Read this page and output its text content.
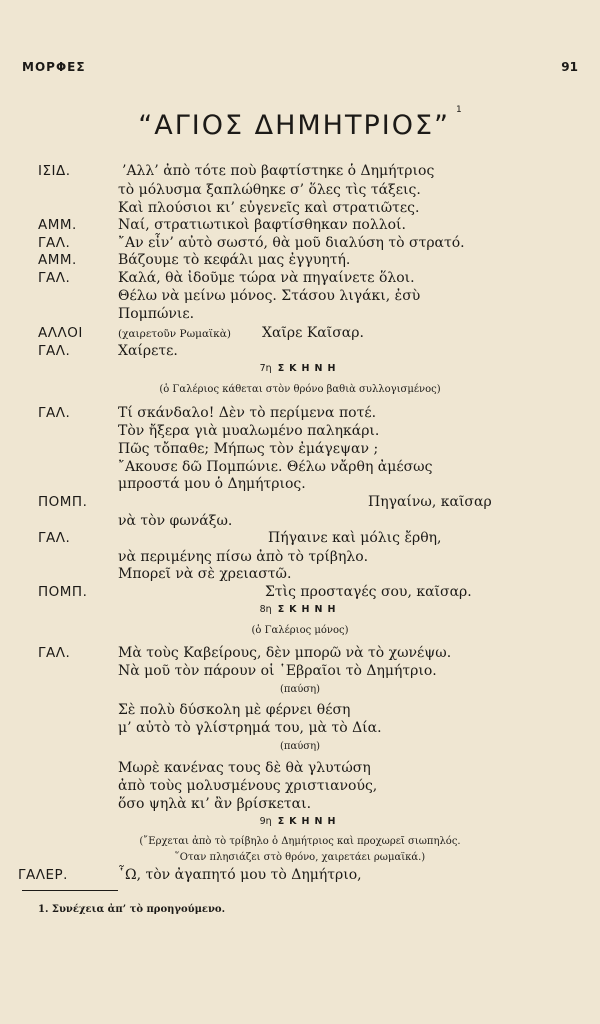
ΜΟΡΦΕΣ	91
“ΑΓΙΟΣ ΔΗΜΗΤΡΙΟΣ” $^1$
ΙΣΙΔ.	’Αλλ’ ἀπὸ τότε ποὺ βαφτίστηκε ὁ Δημήτριος
τὸ μόλυσμα ξαπλώθηκε σ’ ὅλες τὶς τάξεις.
Καὶ πλούσιοι κι’ εὐγενεῖς καὶ στρατιῶτες.
ΑΜΜ.	Ναί, στρατιωτικοὶ βαφτίσθηκαν πολλοί.
ΓΑΛ.	῎Αν εἶν’ αὐτὸ σωστό, θὰ μοῦ διαλύση τὸ στρατό.
ΑΜΜ.	Βάζουμε τὸ κεφάλι μας ἐγγυητή.
ΓΑΛ.	Καλά, θὰ ἰδοῦμε τώρα νὰ πηγαίνετε ὅλοι.
Θέλω νὰ μείνω μόνος. Στάσου λιγάκι, ἐσὺ
Πομπώνιε.
ΑΛΛΟΙ	(χαιρετοῦν Ρωμαϊκὰ) Χαῖρε Καῖσαρ.
ΓΑΛ.	Χαίρετε.
7η ΣΚΗΝΗ
(ὁ Γαλέριος κάθεται στὸν θρόνο βαθιὰ συλλογισμένος)
ΓΑΛ.	Τί σκάνδαλο! Δὲν τὸ περίμενα ποτέ.
Τὸν ἤξερα γιὰ μυαλωμένο παληκάρι.
Πῶς τὄπαθε; Μήπως τὸν ἐμάγεψαν ;
῎Ακουσε δῶ Πομπώνιε. Θέλω νἄρθη ἀμέσως
μπροστά μου ὁ Δημήτριος.
ΠΟΜΠ.	Πηγαίνω, καῖσαρ
νὰ τὸν φωνάξω.
ΓΑΛ.	Πήγαινε καὶ μόλις ἔρθη,
νὰ περιμένης πίσω ἀπὸ τὸ τρίβηλο.
Μπορεῖ νὰ σὲ χρειαστῶ.
ΠΟΜΠ.	Στὶς προσταγές σου, καῖσαρ.
8η ΣΚΗΝΗ
(ὁ Γαλέριος μόνος)
ΓΑΛ.	Μὰ τοὺς Καβείρους, δὲν μπορῶ νὰ τὸ χωνέψω.
Νὰ μοῦ τὸν πάρουν οἱ ῾Εβραῖοι τὸ Δημήτριο.
(παύση)
Σὲ πολὺ δύσκολη μὲ φέρνει θέση
μ’ αὐτὸ τὸ γλίστρημά του, μὰ τὸ Δία.
(παύση)
Μωρὲ κανένας τους δὲ θὰ γλυτώση
ἀπὸ τοὺς μολυσμένους χριστιανούς,
ὅσο ψηλὰ κι’ ἂν βρίσκεται.
9η ΣΚΗΝΗ
(῎Ερχεται ἀπὸ τὸ τρίβηλο ὁ Δημήτριος καὶ προχωρεῖ σιωπηλός.
῞Οταν πλησιάζει στὸ θρόνο, χαιρετάει ρωμαϊκά.)
ΓΑΛΕΡ.	῟Ω, τὸν ἀγαπητό μου τὸ Δημήτριο,
1. Συνέχεια ἀπ’ τὸ προηγούμενο.
